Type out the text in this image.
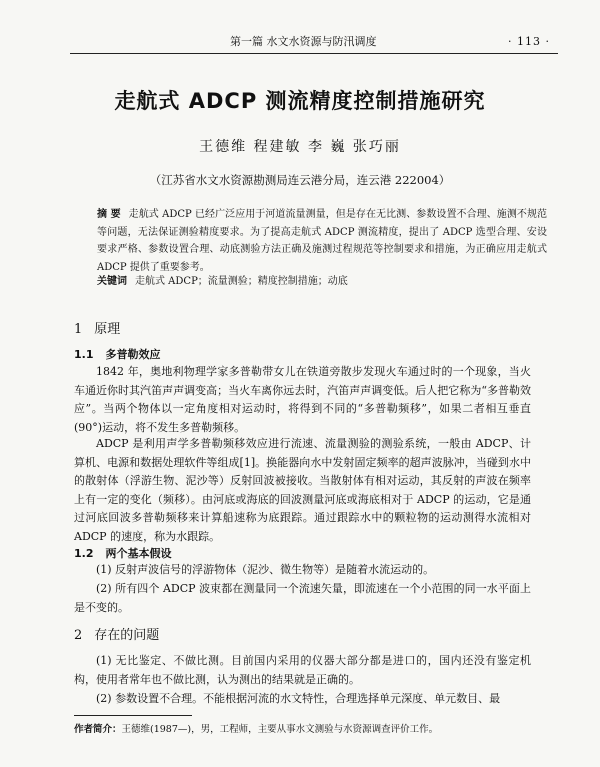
第一篇 水文水资源与防汛调度	· 113 ·
走航式 ADCP 测流精度控制措施研究
王德维 程建敏 李 巍 张巧丽
（江苏省水文水资源勘测局连云港分局，连云港 222004）
摘 要 走航式 ADCP 已经广泛应用于河道流量测量，但是存在无比测、参数设置不合理、施测不规范等问题，无法保证测验精度要求。为了提高走航式 ADCP 测流精度，提出了 ADCP 选型合理、安设要求严格、参数设置合理、动底测验方法正确及施测过程规范等控制要求和措施，为正确应用走航式 ADCP 提供了重要参考。
关键词 走航式 ADCP；流量测验；精度控制措施；动底
1 原理
1.1 多普勒效应

1842 年，奥地利物理学家多普勒带女儿在铁道旁散步发现火车通过时的一个现象，当火车通近你时其汽笛声声调变高；当火车离你远去时，汽笛声声调变低。后人把它称为“多普勒效应”。当两个物体以一定角度相对运动时，将得到不同的“多普勒频移”，如果二者相互垂直(90°)运动，将不发生多普勒频移。

ADCP 是利用声学多普勒频移效应进行流速、流量测验的测验系统，一般由 ADCP、计算机、电源和数据处理软件等组成[1]。换能器向水中发射固定频率的超声波脉冲，当碰到水中的散射体（浮游生物、泥沙等）反射回波被接收。当散射体有相对运动，其反射的声波在频率上有一定的变化（频移）。由河底或海底的回波测量河底或海底相对于 ADCP 的运动，它是通过河底回波多普勒频移来计算船速称为底跟踪。通过跟踪水中的颗粒物的运动测得水流相对 ADCP 的速度，称为水跟踪。

1.2 两个基本假设

(1) 反射声波信号的浮游物体（泥沙、微生物等）是随着水流运动的。

(2) 所有四个 ADCP 波束都在测量同一个流速矢量，即流速在一个小范围的同一水平面上是不变的。

2 存在的问题

(1) 无比鉴定、不做比测。目前国内采用的仪器大部分都是进口的，国内还没有鉴定机构，使用者常年也不做比测，认为测出的结果就是正确的。

(2) 参数设置不合理。不能根据河流的水文特性，合理选择单元深度、单元数目、最

作者简介：王德维(1987—)，男，工程师，主要从事水文测验与水资源调查评价工作。
